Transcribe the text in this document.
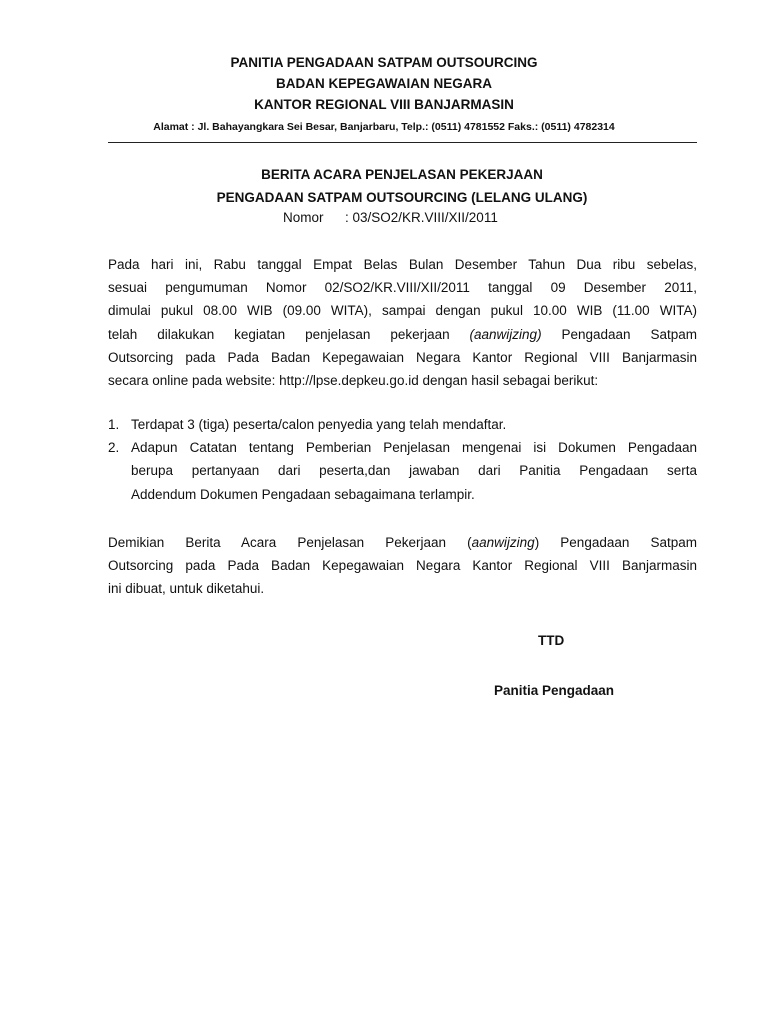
PANITIA PENGADAAN SATPAM OUTSOURCING
BADAN KEPEGAWAIAN NEGARA
KANTOR REGIONAL VIII BANJARMASIN
Alamat : Jl. Bahayangkara Sei Besar, Banjarbaru, Telp.: (0511) 4781552 Faks.: (0511) 4782314
BERITA ACARA PENJELASAN PEKERJAAN
PENGADAAN SATPAM OUTSOURCING (LELANG ULANG)
Nomor : 03/SO2/KR.VIII/XII/2011
Pada hari ini, Rabu tanggal Empat Belas Bulan Desember Tahun Dua ribu sebelas,
sesuai pengumuman Nomor 02/SO2/KR.VIII/XII/2011 tanggal 09 Desember 2011,
dimulai pukul 08.00 WIB (09.00 WITA), sampai dengan pukul 10.00 WIB (11.00 WITA)
telah dilakukan kegiatan penjelasan pekerjaan (aanwijzing) Pengadaan Satpam
Outsorcing pada Pada Badan Kepegawaian Negara Kantor Regional VIII Banjarmasin
secara online pada website: http://lpse.depkeu.go.id dengan hasil sebagai berikut:
1. Terdapat 3 (tiga) peserta/calon penyedia yang telah mendaftar.
2. Adapun Catatan tentang Pemberian Penjelasan mengenai isi Dokumen Pengadaan
berupa pertanyaan dari peserta,dan jawaban dari Panitia Pengadaan serta
Addendum Dokumen Pengadaan sebagaimana terlampir.
Demikian Berita Acara Penjelasan Pekerjaan (aanwijzing) Pengadaan Satpam
Outsorcing pada Pada Badan Kepegawaian Negara Kantor Regional VIII Banjarmasin
ini dibuat, untuk diketahui.
TTD
Panitia Pengadaan
